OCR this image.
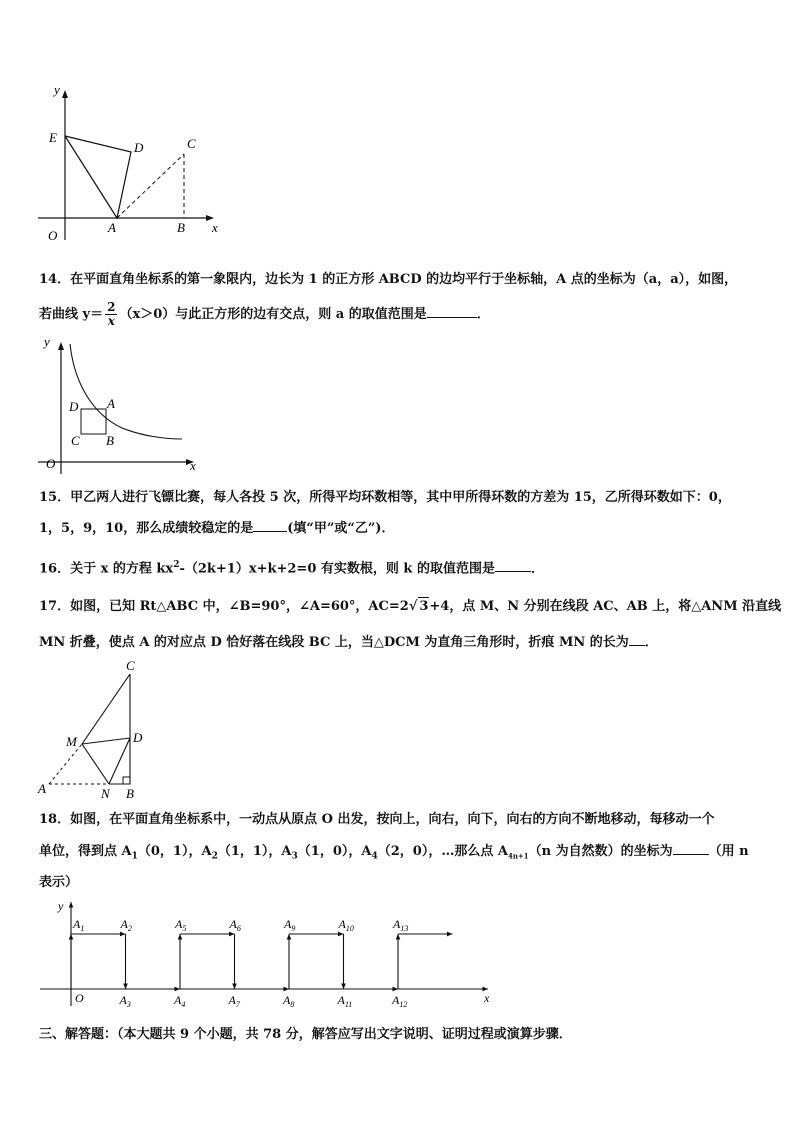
y
x
O
E
D	C
A	B
14．在平面直角坐标系的第一象限内，边长为 1 的正方形 ABCD 的边均平行于坐标轴，A 点的坐标为（a，a），如图，
若曲线 $y= \frac{2}{x} (x>0)$与此正方形的边有交点，则 a 的取值范围是	．
y
x
O
D A
C B
15．甲乙两人进行飞镖比赛，每人各投 5 次，所得平均环数相等，其中甲所得环数的方差为 15，乙所得环数如下：0，
1，5，9，10，那么成绩较稳定的是	(填“甲”或“乙”)．
16．关于 x 的方程 $kx^2-(2k+1)x+k+2=0$ 有实数根，则 k 的取值范围是	．
17．如图，已知 Rt△ABC 中，∠B=90°，∠A=60°，AC=2√ 3+4，点 M、N 分别在线段 AC、AB 上，将△ANM 沿直线
MN 折叠，使点 A 的对应点 D 恰好落在线段 BC 上，当△DCM 为直角三角形时，折痕 MN 的长为 ．
C
M	D
A	N B
18．如图，在平面直角坐标系中，一动点从原点 O 出发，按向上，向右，向下，向右的方向不断地移动，每移动一个
单位，得到点 $A_1(0$，1），$A_2(1$，1），$A_3(1$，0），$A_4(2$，0），…那么点 $A_{4n+1}(n$ 为自然数）的坐标为	（用 n
表示）
y
x
O
$A_1$	$A_2$	$A_5$	$A_6$	$A_9$	$A_{10}$	$A_{13}$
$A_3$	$A_4$	$A_7$	$A_8$	$A_{11}$	$A_{12}$
三、解答题：（本大题共 9 个小题，共 78 分，解答应写出文字说明、证明过程或演算步骤．
